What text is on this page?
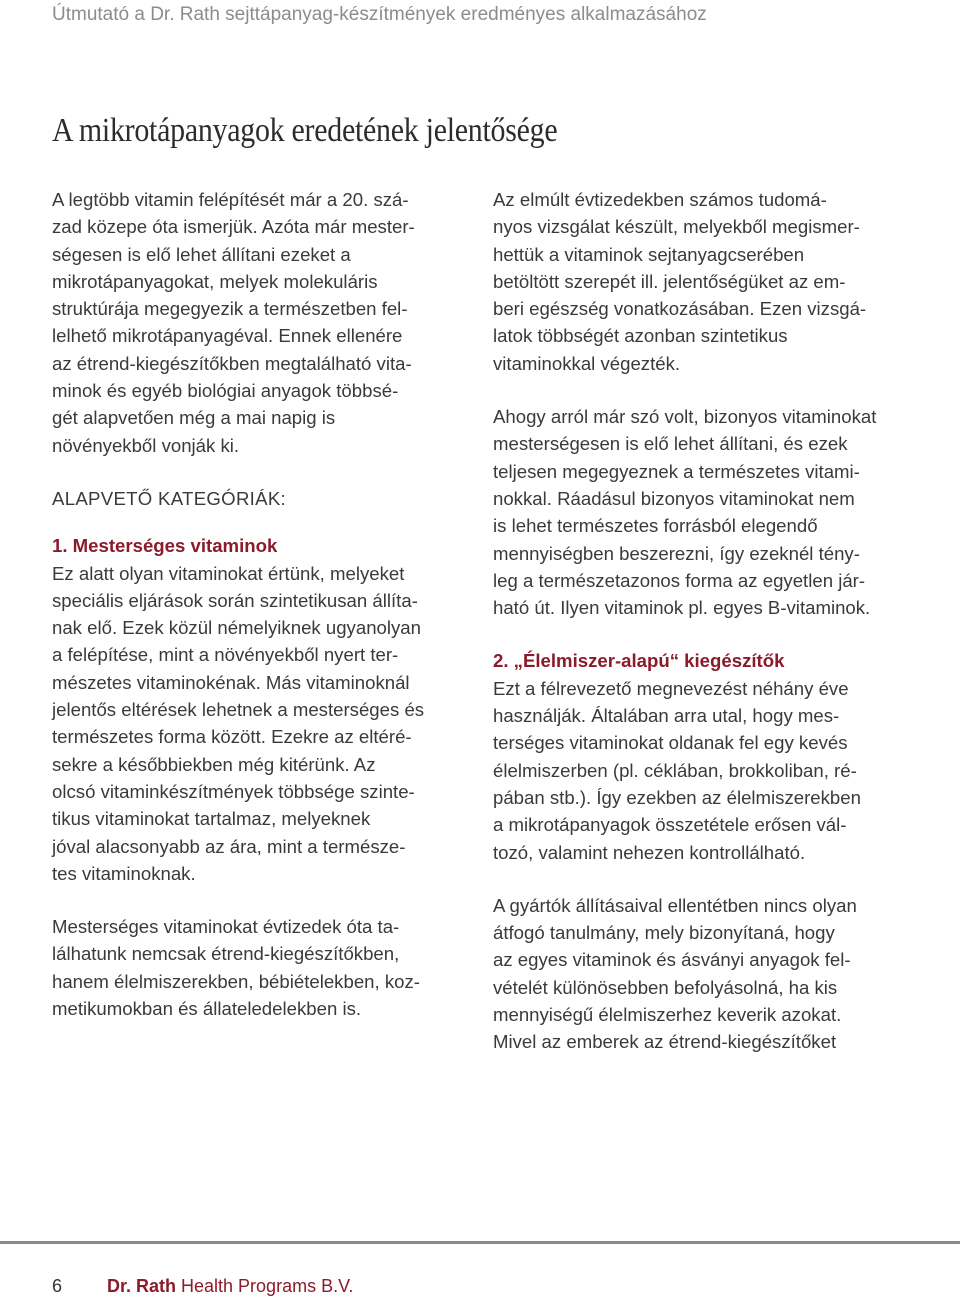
Útmutató a Dr. Rath sejttápanyag-készítmények eredményes alkalmazásához
A mikrotápanyagok eredetének jelentősége
A legtöbb vitamin felépítését már a 20. szá-
zad közepe óta ismerjük. Azóta már mester-
ségesen is elő lehet állítani ezeket a
mikrotápanyagokat, melyek molekuláris
struktúrája megegyezik a természetben fel-
lelhető mikrotápanyagéval. Ennek ellenére
az étrend-kiegészítőkben megtalálható vita-
minok és egyéb biológiai anyagok többsé-
gét alapvetően még a mai napig is
növényekből vonják ki.
ALAPVETŐ KATEGÓRIÁK:
1. Mesterséges vitaminok
Ez alatt olyan vitaminokat értünk, melyeket
speciális eljárások során szintetikusan állíta-
nak elő. Ezek közül némelyiknek ugyanolyan
a felépítése, mint a növényekből nyert ter-
mészetes vitaminokénak. Más vitaminoknál
jelentős eltérések lehetnek a mesterséges és
természetes forma között. Ezekre az eltéré-
sekre a későbbiekben még kitérünk. Az
olcsó vitaminkészítmények többsége szinte-
tikus vitaminokat tartalmaz, melyeknek
jóval alacsonyabb az ára, mint a természe-
tes vitaminoknak.
Mesterséges vitaminokat évtizedek óta ta-
lálhatunk nemcsak étrend-kiegészítőkben,
hanem élelmiszerekben, bébiételekben, koz-
metikumokban és állateledelekben is.
Az elmúlt évtizedekben számos tudomá-
nyos vizsgálat készült, melyekből megismer-
hettük a vitaminok sejtanyagcserében
betöltött szerepét ill. jelentőségüket az em-
beri egészség vonatkozásában. Ezen vizsgá-
latok többségét azonban szintetikus
vitaminokkal végezték.
Ahogy arról már szó volt, bizonyos vitaminokat
mesterségesen is elő lehet állítani, és ezek
teljesen megegyeznek a természetes vitami-
nokkal. Ráadásul bizonyos vitaminokat nem
is lehet természetes forrásból elegendő
mennyiségben beszerezni, így ezeknél tény-
leg a természetazonos forma az egyetlen jár-
ható út. Ilyen vitaminok pl. egyes B-vitaminok.
2. „Élelmiszer-alapú“ kiegészítők
Ezt a félrevezető megnevezést néhány éve
használják. Általában arra utal, hogy mes-
terséges vitaminokat oldanak fel egy kevés
élelmiszerben (pl. céklában, brokkoliban, ré-
pában stb.). Így ezekben az élelmiszerekben
a mikrotápanyagok összetétele erősen vál-
tozó, valamint nehezen kontrollálható.
A gyártók állításaival ellentétben nincs olyan
átfogó tanulmány, mely bizonyítaná, hogy
az egyes vitaminok és ásványi anyagok fel-
vételét különösebben befolyásolná, ha kis
mennyiségű élelmiszerhez keverik azokat.
Mivel az emberek az étrend-kiegészítőket
6 Dr. Rath Health Programs B.V.
